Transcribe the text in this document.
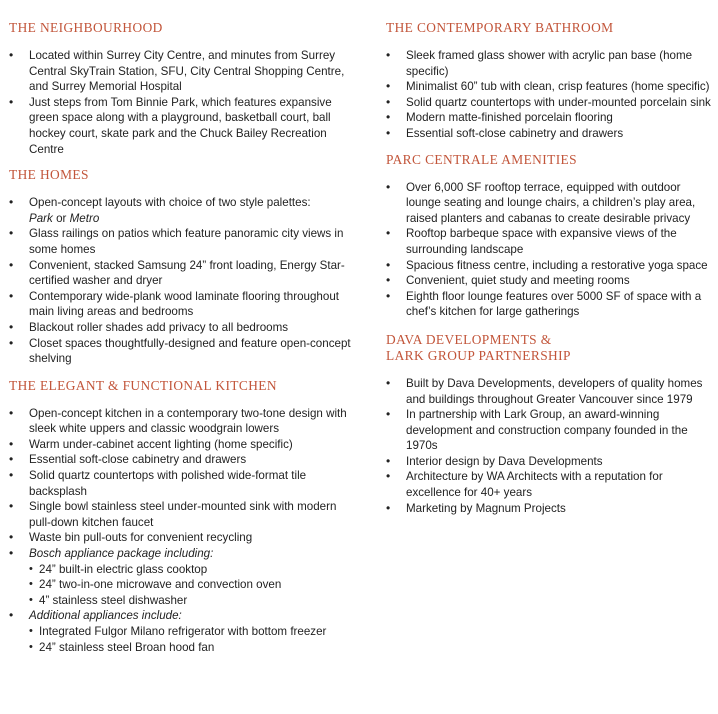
THE NEIGHBOURHOOD
• Located within Surrey City Centre, and minutes from Surrey Central SkyTrain Station, SFU, City Central Shopping Centre, and Surrey Memorial Hospital
• Just steps from Tom Binnie Park, which features expansive green space along with a playground, basketball court, ball hockey court, skate park and the Chuck Bailey Recreation Centre
THE HOMES
• Open-concept layouts with choice of two style palettes:
Park or Metro
• Glass railings on patios which feature panoramic city views in some homes
• Convenient, stacked Samsung 24” front loading, Energy Star-certified washer and dryer
• Contemporary wide-plank wood laminate flooring throughout main living areas and bedrooms
• Blackout roller shades add privacy to all bedrooms
• Closet spaces thoughtfully-designed and feature open-concept shelving
THE ELEGANT & FUNCTIONAL KITCHEN
• Open-concept kitchen in a contemporary two-tone design with sleek white uppers and classic woodgrain lowers
• Warm under-cabinet accent lighting (home specific)
• Essential soft-close cabinetry and drawers
• Solid quartz countertops with polished wide-format tile backsplash
• Single bowl stainless steel under-mounted sink with modern pull-down kitchen faucet
• Waste bin pull-outs for convenient recycling
• Bosch appliance package including:
• 24” built-in electric glass cooktop
• 24” two-in-one microwave and convection oven
• 4” stainless steel dishwasher
• Additional appliances include:
• Integrated Fulgor Milano refrigerator with bottom freezer
• 24” stainless steel Broan hood fan
THE CONTEMPORARY BATHROOM
• Sleek framed glass shower with acrylic pan base (home specific)
• Minimalist 60” tub with clean, crisp features (home specific)
• Solid quartz countertops with under-mounted porcelain sink
• Modern matte-finished porcelain flooring
• Essential soft-close cabinetry and drawers
PARC CENTRALE AMENITIES
• Over 6,000 SF rooftop terrace, equipped with outdoor lounge seating and lounge chairs, a children’s play area, raised planters and cabanas to create desirable privacy
• Rooftop barbeque space with expansive views of the surrounding landscape
• Spacious fitness centre, including a restorative yoga space
• Convenient, quiet study and meeting rooms
• Eighth floor lounge features over 5000 SF of space with a chef’s kitchen for large gatherings
DAVA DEVELOPMENTS &
LARK GROUP PARTNERSHIP
• Built by Dava Developments, developers of quality homes and buildings throughout Greater Vancouver since 1979
• In partnership with Lark Group, an award-winning development and construction company founded in the 1970s
• Interior design by Dava Developments
• Architecture by WA Architects with a reputation for excellence for 40+ years
• Marketing by Magnum Projects
